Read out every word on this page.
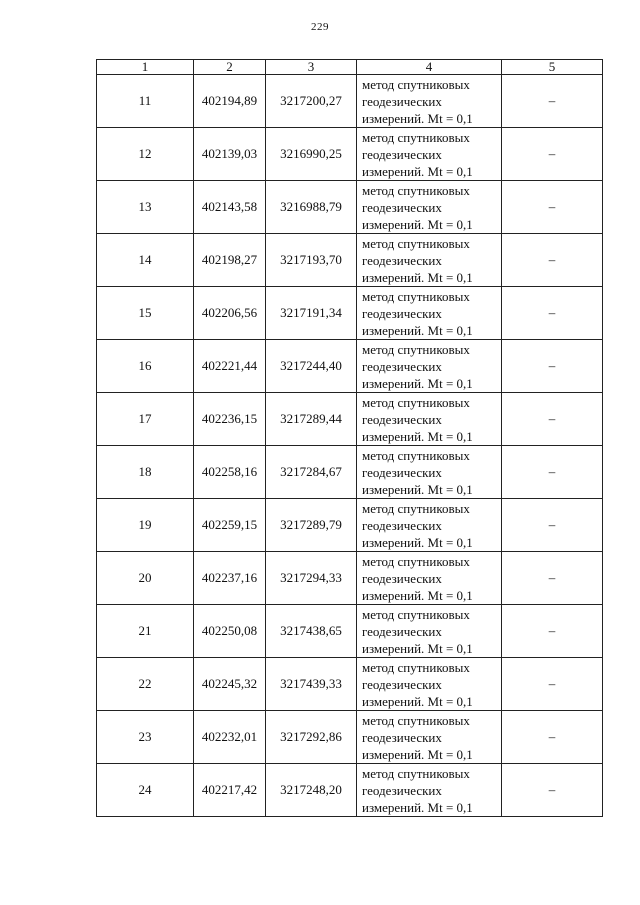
229
1	2	3	4	5
11	402194,89	3217200,27	метод спутниковых
геодезических
измерений. Mt = 0,1	–
12	402139,03	3216990,25	метод спутниковых
геодезических
измерений. Mt = 0,1	–
13	402143,58	3216988,79	метод спутниковых
геодезических
измерений. Mt = 0,1	–
14	402198,27	3217193,70	метод спутниковых
геодезических
измерений. Mt = 0,1	–
15	402206,56	3217191,34	метод спутниковых
геодезических
измерений. Mt = 0,1	–
16	402221,44	3217244,40	метод спутниковых
геодезических
измерений. Mt = 0,1	–
17	402236,15	3217289,44	метод спутниковых
геодезических
измерений. Mt = 0,1	–
18	402258,16	3217284,67	метод спутниковых
геодезических
измерений. Mt = 0,1	–
19	402259,15	3217289,79	метод спутниковых
геодезических
измерений. Mt = 0,1	–
20	402237,16	3217294,33	метод спутниковых
геодезических
измерений. Mt = 0,1	–
21	402250,08	3217438,65	метод спутниковых
геодезических
измерений. Mt = 0,1	–
22	402245,32	3217439,33	метод спутниковых
геодезических
измерений. Mt = 0,1	–
23	402232,01	3217292,86	метод спутниковых
геодезических
измерений. Mt = 0,1	–
24	402217,42	3217248,20	метод спутниковых
геодезических
измерений. Mt = 0,1	–
